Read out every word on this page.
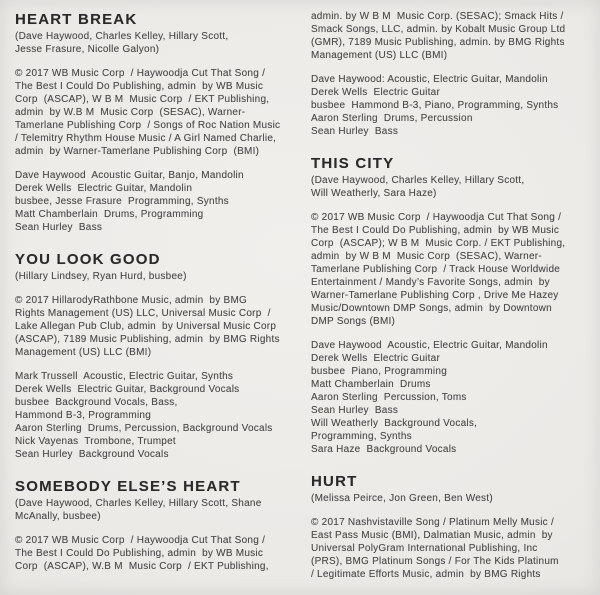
HEART BREAK
(Dave Haywood, Charles Kelley, Hillary Scott,
Jesse Frasure, Nicolle Galyon)
© 2017 WB Music Corp  / Haywoodja Cut That Song /
The Best I Could Do Publishing, admin  by WB Music
Corp  (ASCAP), W B M  Music Corp  / EKT Publishing,
admin  by W.B M  Music Corp  (SESAC), Warner-
Tamerlane Publishing Corp  / Songs of Roc Nation Music
/ Telemitry Rhythm House Music / A Girl Named Charlie,
admin  by Warner-Tamerlane Publishing Corp  (BMI)
Dave Haywood  Acoustic Guitar, Banjo, Mandolin
Derek Wells  Electric Guitar, Mandolin
busbee, Jesse Frasure  Programming, Synths
Matt Chamberlain  Drums, Programming
Sean Hurley  Bass
YOU LOOK GOOD
(Hillary Lindsey, Ryan Hurd, busbee)
© 2017 HillarodyRathbone Music, admin  by BMG
Rights Management (US) LLC, Universal Music Corp  /
Lake Allegan Pub Club, admin  by Universal Music Corp
(ASCAP), 7189 Music Publishing, admin  by BMG Rights
Management (US) LLC (BMI)
Mark Trussell  Acoustic, Electric Guitar, Synths
Derek Wells  Electric Guitar, Background Vocals
busbee  Background Vocals, Bass,
Hammond B-3, Programming
Aaron Sterling  Drums, Percussion, Background Vocals
Nick Vayenas  Trombone, Trumpet
Sean Hurley  Background Vocals
SOMEBODY ELSE’S HEART
(Dave Haywood, Charles Kelley, Hillary Scott, Shane
McAnally, busbee)
© 2017 WB Music Corp  / Haywoodja Cut That Song /
The Best I Could Do Publishing, admin  by WB Music
Corp  (ASCAP), W.B M  Music Corp  / EKT Publishing,
admin. by W B M  Music Corp. (SESAC); Smack Hits /
Smack Songs, LLC, admin. by Kobalt Music Group Ltd
(GMR), 7189 Music Publishing, admin. by BMG Rights
Management (US) LLC (BMI)
Dave Haywood: Acoustic, Electric Guitar, Mandolin
Derek Wells  Electric Guitar
busbee  Hammond B-3, Piano, Programming, Synths
Aaron Sterling  Drums, Percussion
Sean Hurley  Bass
THIS CITY
(Dave Haywood, Charles Kelley, Hillary Scott,
Will Weatherly, Sara Haze)
© 2017 WB Music Corp  / Haywoodja Cut That Song /
The Best I Could Do Publishing, admin  by WB Music
Corp  (ASCAP); W B M  Music Corp. / EKT Publishing,
admin  by W B M  Music Corp  (SESAC), Warner-
Tamerlane Publishing Corp  / Track House Worldwide
Entertainment / Mandy’s Favorite Songs, admin  by
Warner-Tamerlane Publishing Corp , Drive Me Hazey
Music/Downtown DMP Songs, admin  by Downtown
DMP Songs (BMI)
Dave Haywood  Acoustic, Electric Guitar, Mandolin
Derek Wells  Electric Guitar
busbee  Piano, Programming
Matt Chamberlain  Drums
Aaron Sterling  Percussion, Toms
Sean Hurley  Bass
Will Weatherly  Background Vocals,
Programming, Synths
Sara Haze  Background Vocals
HURT
(Melissa Peirce, Jon Green, Ben West)
© 2017 Nashvistaville Song / Platinum Melly Music /
East Pass Music (BMI), Dalmatian Music, admin  by
Universal PolyGram International Publishing, Inc
(PRS), BMG Platinum Songs / For The Kids Platinum
/ Legitimate Efforts Music, admin  by BMG Rights
